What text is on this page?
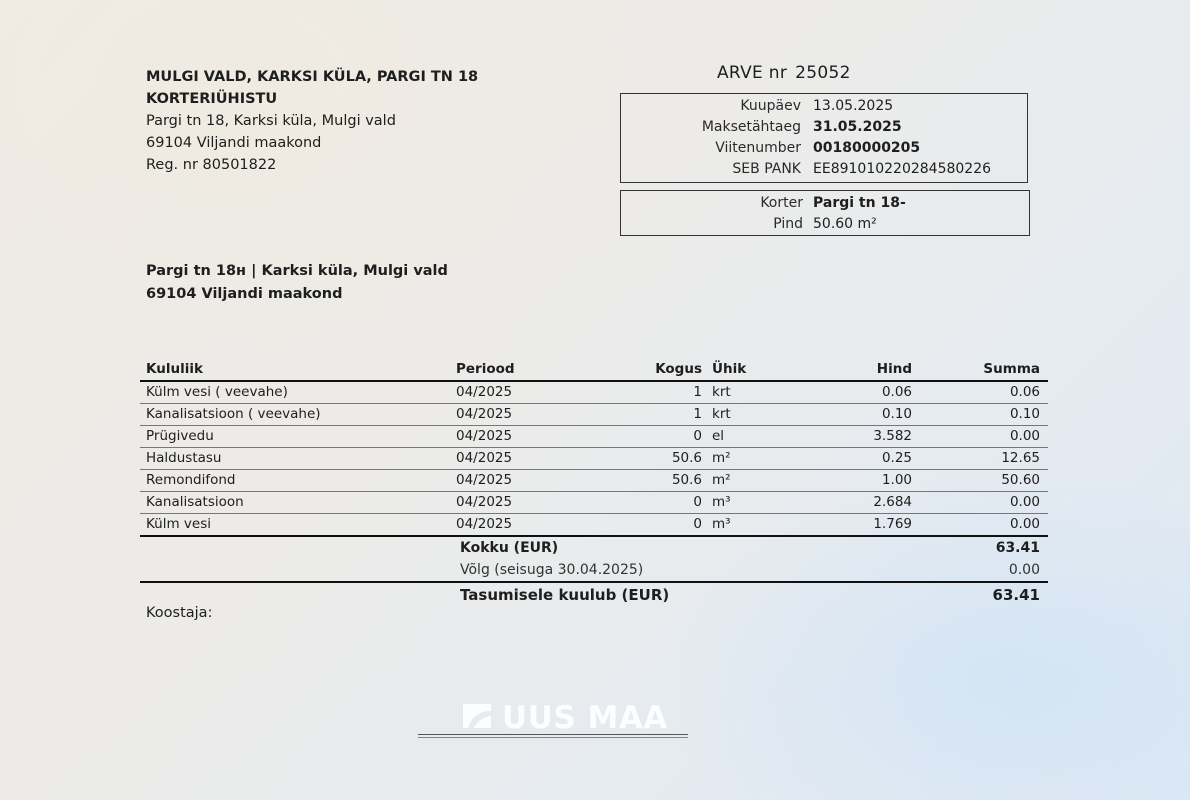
MULGI VALD, KARKSI KÜLA, PARGI TN 18
KORTERIÜHISTU
Pargi tn 18, Karksi küla, Mulgi vald
69104 Viljandi maakond
Reg. nr 80501822
ARVE nr 25052
Kuupäev 13.05.2025
Maksetähtaeg 31.05.2025
Viitenumber 00180000205
SEB PANK EE891010220284580226
Korter Pargi tn 18-
Pind 50.60 m²
Pargi tn 18н | Karksi küla, Mulgi vald
69104 Viljandi maakond
Kululiik	Periood	Kogus Ühik	Hind	Summa
Külm vesi ( veevahe)	04/2025	1 krt	0.06	0.06
Kanalisatsioon ( veevahe)	04/2025	1 krt	0.10	0.10
Prügivedu	04/2025	0 el	3.582	0.00
Haldustasu	04/2025	50.6 m²	0.25	12.65
Remondifond	04/2025	50.6 m²	1.00	50.60
Kanalisatsioon	04/2025	0 m³	2.684	0.00
Külm vesi	04/2025	0 m³	1.769	0.00
Kokku (EUR)	63.41
Võlg (seisuga 30.04.2025)	0.00
Tasumisele kuulub (EUR)	63.41
Koostaja:
UUS MAA
